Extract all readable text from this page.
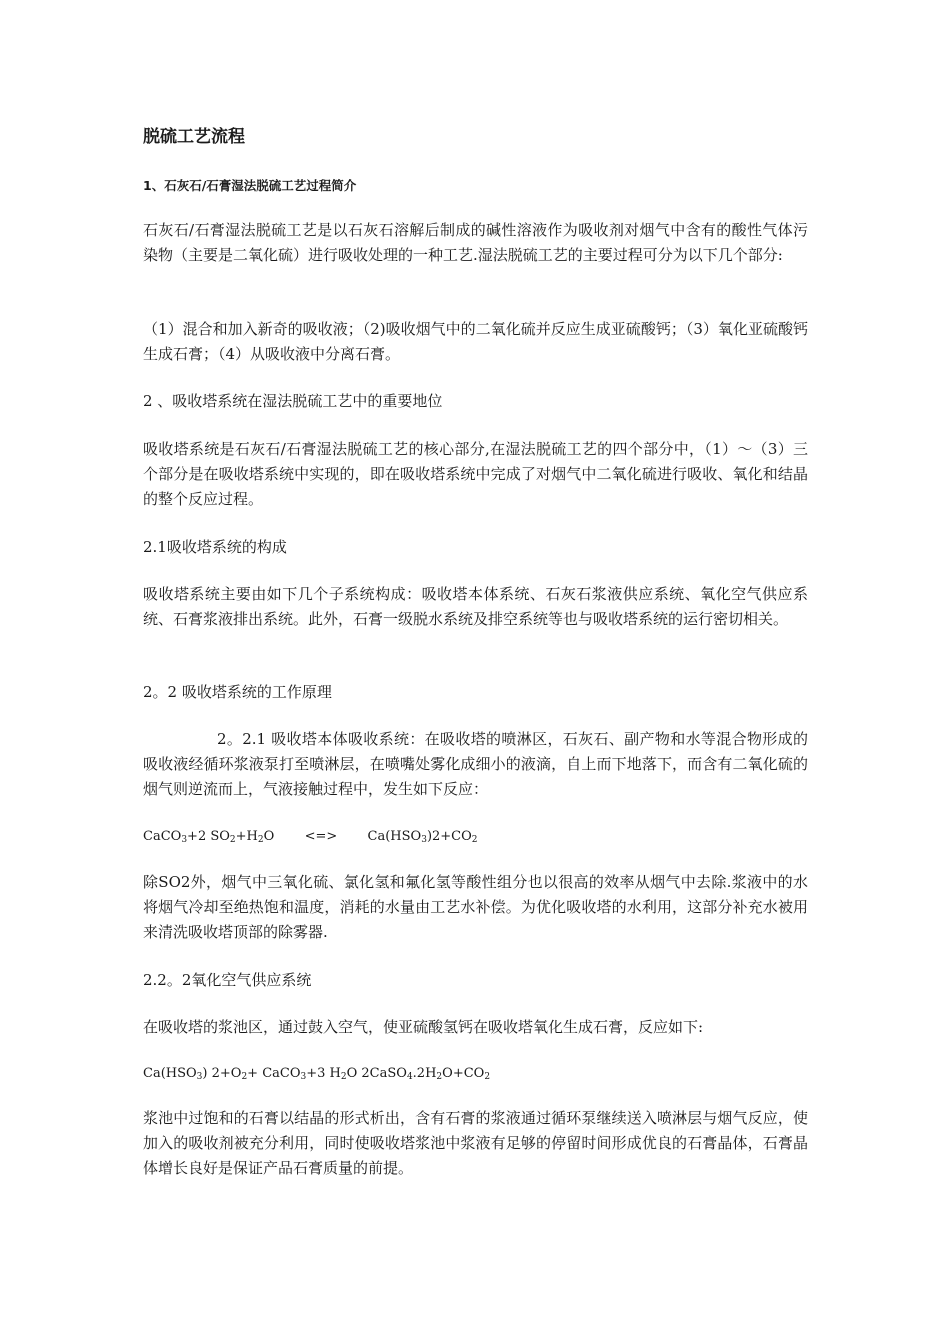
脱硫工艺流程
1、石灰石/石膏湿法脱硫工艺过程简介

石灰石/石膏湿法脱硫工艺是以石灰石溶解后制成的碱性溶液作为吸收剂对烟气中含有的酸性气体污染物（主要是二氧化硫）进行吸收处理的一种工艺.湿法脱硫工艺的主要过程可分为以下几个部分:

（1）混合和加入新奇的吸收液；（2)吸收烟气中的二氧化硫并反应生成亚硫酸钙；（3）氧化亚硫酸钙生成石膏；（4）从吸收液中分离石膏。

2 、吸收塔系统在湿法脱硫工艺中的重要地位

吸收塔系统是石灰石/石膏湿法脱硫工艺的核心部分,在湿法脱硫工艺的四个部分中，（1）～（3）三个部分是在吸收塔系统中实现的，即在吸收塔系统中完成了对烟气中二氧化硫进行吸收、氧化和结晶的整个反应过程。

2.1吸收塔系统的构成

吸收塔系统主要由如下几个子系统构成：吸收塔本体系统、石灰石浆液供应系统、氧化空气供应系统、石膏浆液排出系统。此外，石膏一级脱水系统及排空系统等也与吸收塔系统的运行密切相关。

2。2 吸收塔系统的工作原理

2。2.1 吸收塔本体吸收系统：在吸收塔的喷淋区，石灰石、副产物和水等混合物形成的吸收液经循环浆液泵打至喷淋层，在喷嘴处雾化成细小的液滴，自上而下地落下，而含有二氧化硫的烟气则逆流而上，气液接触过程中，发生如下反应：

CaCO$_3$+2 $SO_2+H_2O$ <=> $Ca(HSO_3)2+CO_2$

除SO2外，烟气中三氧化硫、氯化氢和氟化氢等酸性组分也以很高的效率从烟气中去除.浆液中的水将烟气冷却至绝热饱和温度，消耗的水量由工艺水补偿。为优化吸收塔的水利用，这部分补充水被用来清洗吸收塔顶部的除雾器.

2.2。2氧化空气供应系统

在吸收塔的浆池区，通过鼓入空气，使亚硫酸氢钙在吸收塔氧化生成石膏，反应如下:

$Ca(HSO_3)$ $2+O_2+$ CaCO$_3$+3 $H_2O$ $2CaSO_4.2H_2O+CO_2$

浆池中过饱和的石膏以结晶的形式析出，含有石膏的浆液通过循环泵继续送入喷淋层与烟气反应，使加入的吸收剂被充分利用，同时使吸收塔浆池中浆液有足够的停留时间形成优良的石膏晶体，石膏晶体增长良好是保证产品石膏质量的前提。
